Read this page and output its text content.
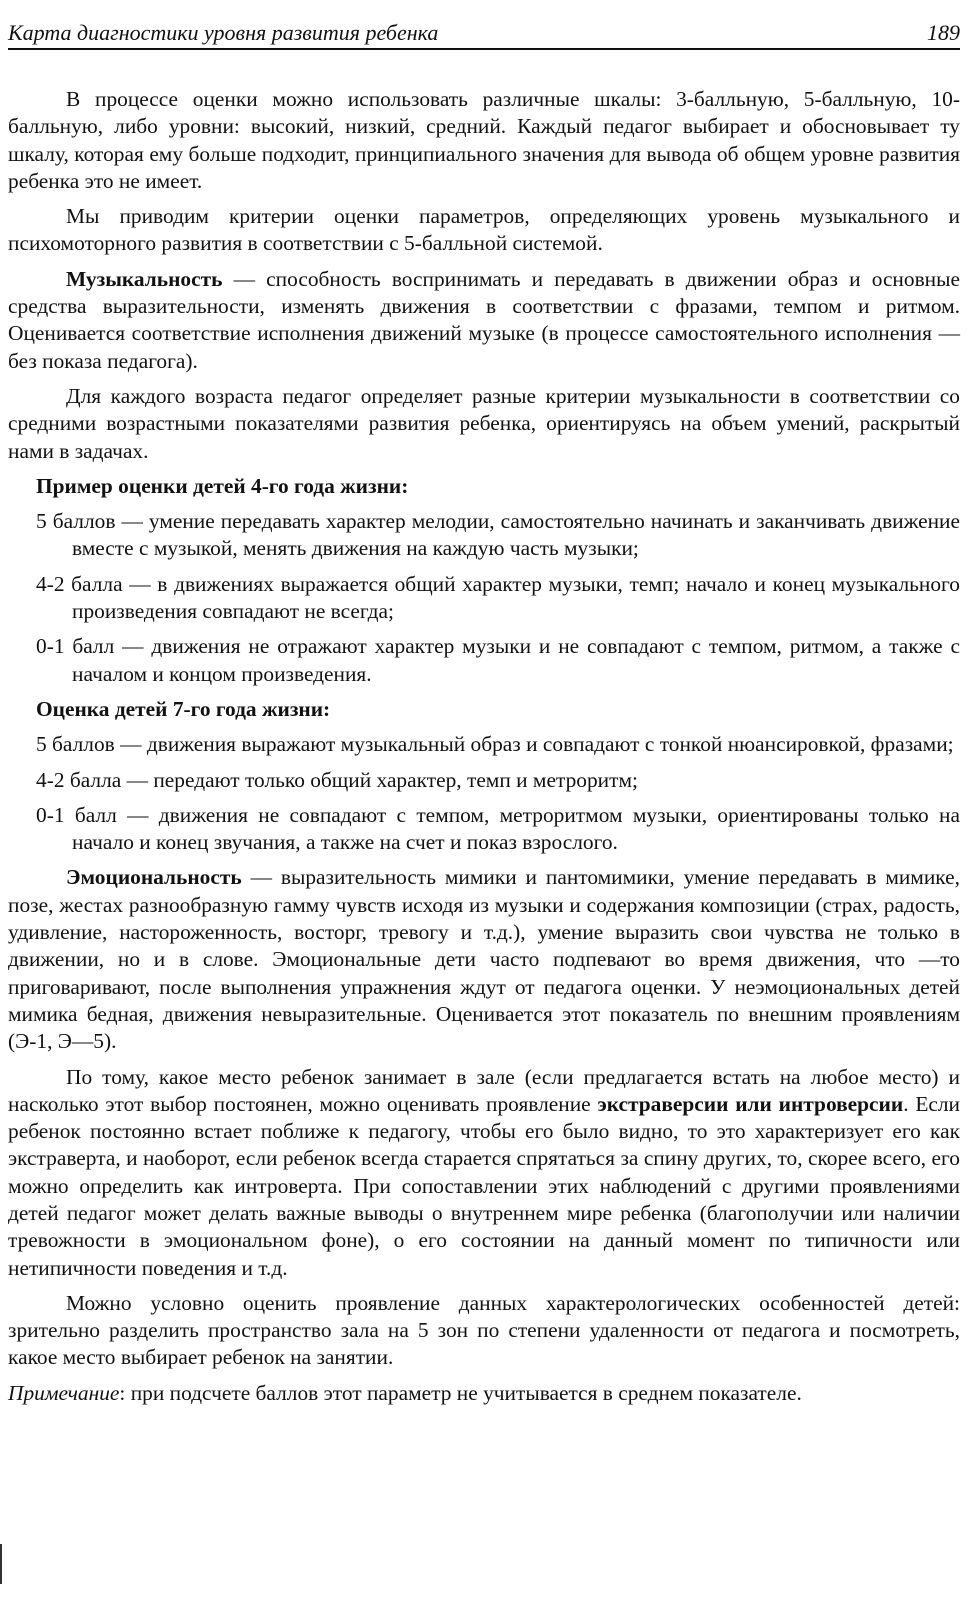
Карта диагностики уровня развития ребенка	189

В процессе оценки можно использовать различные шкалы: 3-балльную, 5-балльную, 10-балльную, либо уровни: высокий, низкий, средний. Каждый педагог выбирает и обосновывает ту шкалу, которая ему больше подходит, принципиального значения для вывода об общем уровне развития ребенка это не имеет.

Мы приводим критерии оценки параметров, определяющих уровень музыкального и психомоторного развития в соответствии с 5-балльной системой.

Музыкальность — способность воспринимать и передавать в движении образ и основные средства выразительности, изменять движения в соответствии с фразами, темпом и ритмом. Оценивается соответствие исполнения движений музыке (в процессе самостоятельного исполнения — без показа педагога).

Для каждого возраста педагог определяет разные критерии музыкальности в соответствии со средними возрастными показателями развития ребенка, ориентируясь на объем умений, раскрытый нами в задачах.

Пример оценки детей 4-го года жизни:

5 баллов — умение передавать характер мелодии, самостоятельно начинать и заканчивать движение вместе с музыкой, менять движения на каждую часть музыки;

4-2 балла — в движениях выражается общий характер музыки, темп; начало и конец музыкального произведения совпадают не всегда;

0-1 балл — движения не отражают характер музыки и не совпадают с темпом, ритмом, а также с началом и концом произведения.

Оценка детей 7-го года жизни:

5 баллов — движения выражают музыкальный образ и совпадают с тонкой нюансировкой, фразами;

4-2 балла — передают только общий характер, темп и метроритм;

0-1 балл — движения не совпадают с темпом, метроритмом музыки, ориентированы только на начало и конец звучания, а также на счет и показ взрослого.

Эмоциональность — выразительность мимики и пантомимики, умение передавать в мимике, позе, жестах разнообразную гамму чувств исходя из музыки и содержания композиции (страх, радость, удивление, настороженность, восторг, тревогу и т.д.), умение выразить свои чувства не только в движении, но и в слове. Эмоциональные дети часто подпевают во время движения, что —то приговаривают, после выполнения упражнения ждут от педагога оценки. У неэмоциональных детей мимика бедная, движения невыразительные. Оценивается этот показатель по внешним проявлениям (Э-1, Э—5).

По тому, какое место ребенок занимает в зале (если предлагается встать на любое место) и насколько этот выбор постоянен, можно оценивать проявление экстраверсии или интроверсии. Если ребенок постоянно встает поближе к педагогу, чтобы его было видно, то это характеризует его как экстраверта, и наоборот, если ребенок всегда старается спрятаться за спину других, то, скорее всего, его можно определить как интроверта. При сопоставлении этих наблюдений с другими проявлениями детей педагог может делать важные выводы о внутреннем мире ребенка (благополучии или наличии тревожности в эмоциональном фоне), о его состоянии на данный момент по типичности или нетипичности поведения и т.д.

Можно условно оценить проявление данных характерологических особенностей детей: зрительно разделить пространство зала на 5 зон по степени удаленности от педагога и посмотреть, какое место выбирает ребенок на занятии.

Примечание: при подсчете баллов этот параметр не учитывается в среднем показателе.
